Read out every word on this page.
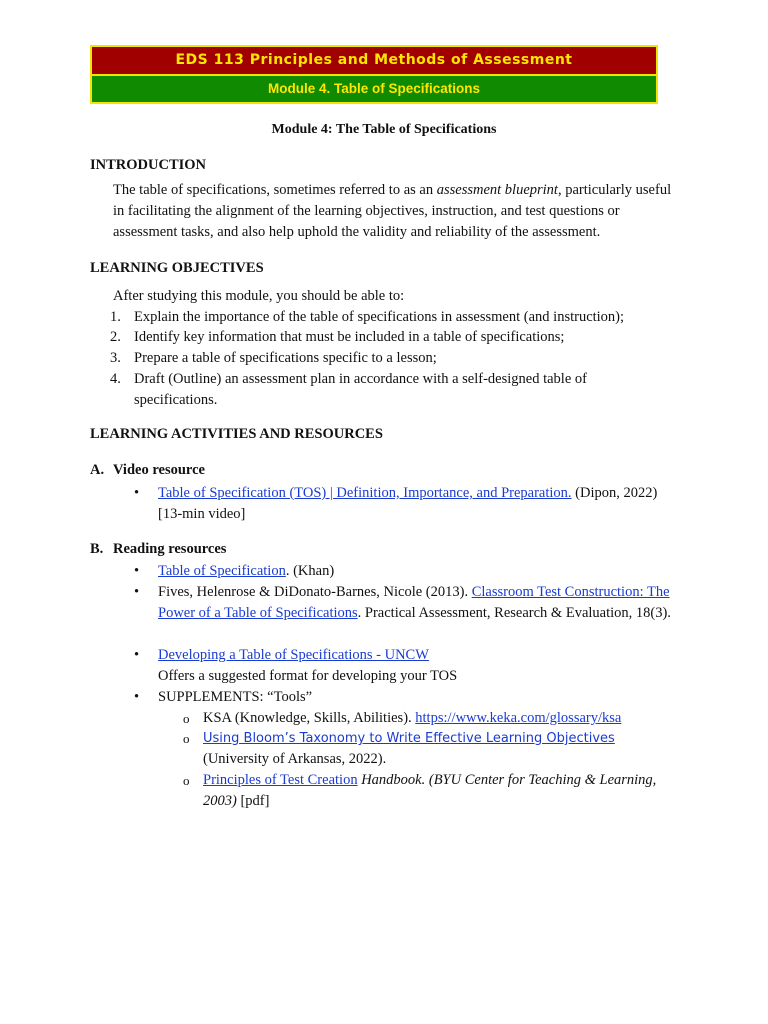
EDS 113 Principles and Methods of Assessment
Module 4. Table of Specifications
Module 4: The Table of Specifications
INTRODUCTION
The table of specifications, sometimes referred to as an assessment blueprint, particularly useful in facilitating the alignment of the learning objectives, instruction, and test questions or assessment tasks, and also help uphold the validity and reliability of the assessment.
LEARNING OBJECTIVES
After studying this module, you should be able to:
1. Explain the importance of the table of specifications in assessment (and instruction);
2. Identify key information that must be included in a table of specifications;
3. Prepare a table of specifications specific to a lesson;
4. Draft (Outline) an assessment plan in accordance with a self-designed table of specifications.
LEARNING ACTIVITIES AND RESOURCES
A. Video resource
• Table of Specification (TOS) | Definition, Importance, and Preparation. (Dipon, 2022) [13-min video]
B. Reading resources
• Table of Specification. (Khan)
• Fives, Helenrose & DiDonato-Barnes, Nicole (2013). Classroom Test Construction: The Power of a Table of Specifications. Practical Assessment, Research & Evaluation, 18(3).
• Developing a Table of Specifications - UNCW
Offers a suggested format for developing your TOS
• SUPPLEMENTS: “Tools”
o KSA (Knowledge, Skills, Abilities). https://www.keka.com/glossary/ksa
o Using Bloom’s Taxonomy to Write Effective Learning Objectives (University of Arkansas, 2022).
o Principles of Test Creation Handbook. (BYU Center for Teaching & Learning, 2003) [pdf]
